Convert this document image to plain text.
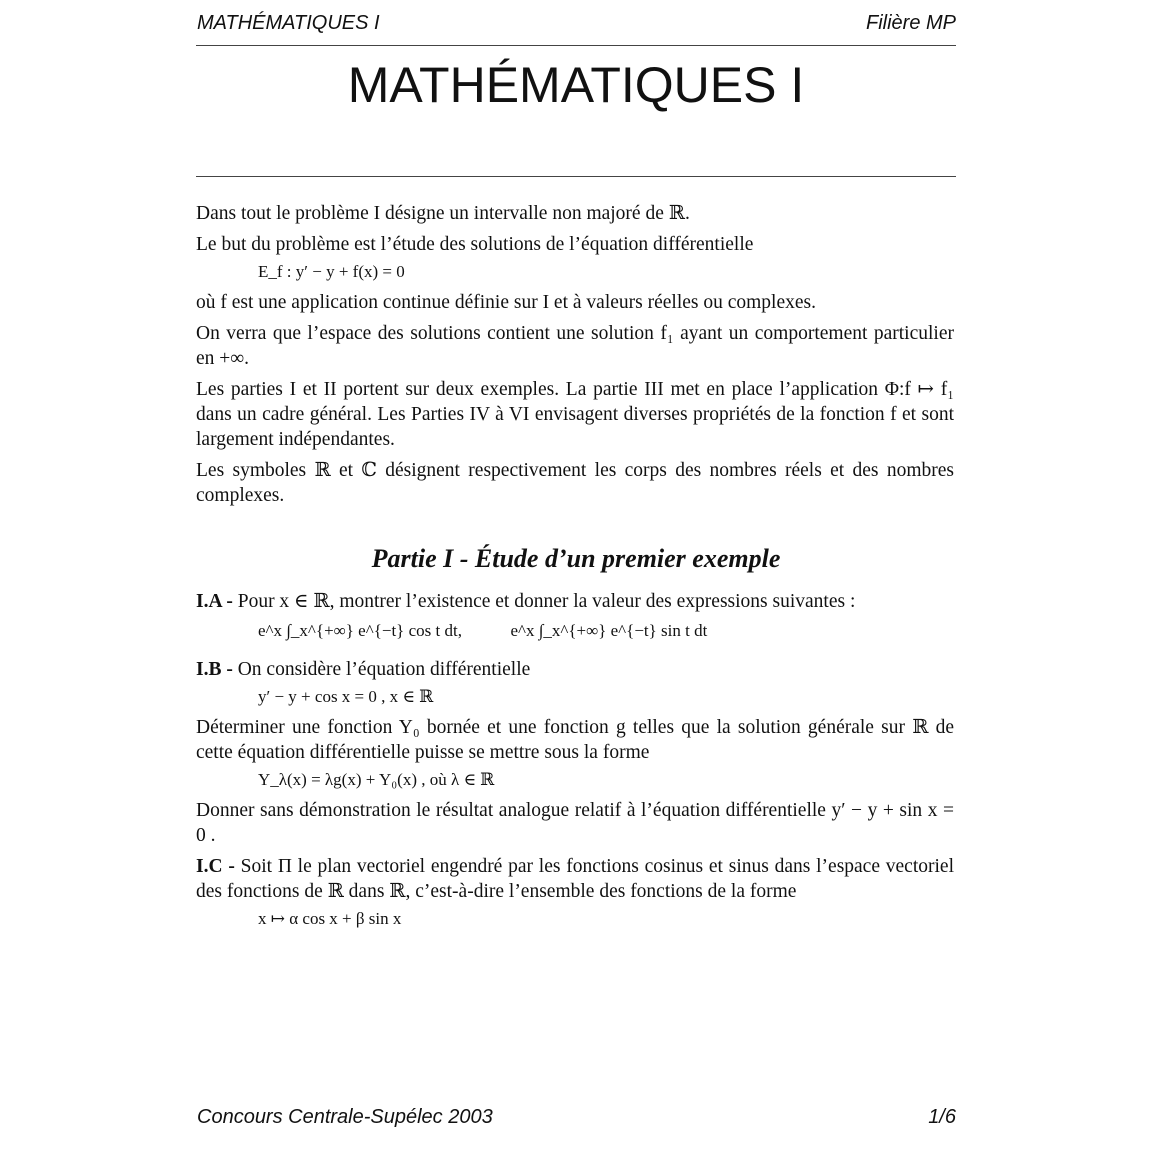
MATHÉMATIQUES I	Filière MP
MATHÉMATIQUES I

Dans tout le problème I désigne un intervalle non majoré de ℝ.

Le but du problème est l’étude des solutions de l’équation différentielle

E_f : y′ − y + f(x) = 0

où f est une application continue définie sur I et à valeurs réelles ou complexes.

On verra que l’espace des solutions contient une solution f₁ ayant un comportement particulier en +∞.

Les parties I et II portent sur deux exemples. La partie III met en place l’application Φ:f ↦ f₁ dans un cadre général. Les Parties IV à VI envisagent diverses propriétés de la fonction f et sont largement indépendantes.

Les symboles ℝ et ℂ désignent respectivement les corps des nombres réels et des nombres complexes.

Partie I - Étude d’un premier exemple

I.A - Pour x ∈ ℝ, montrer l’existence et donner la valeur des expressions suivantes :

e^x ∫_x^{+∞} e^{−t} cos t dt,	e^x ∫_x^{+∞} e^{−t} sin t dt

I.B - On considère l’équation différentielle

y′ − y + cos x = 0 , x ∈ ℝ

Déterminer une fonction Y₀ bornée et une fonction g telles que la solution générale sur ℝ de cette équation différentielle puisse se mettre sous la forme

Y_λ(x) = λg(x) + Y₀(x) , où λ ∈ ℝ

Donner sans démonstration le résultat analogue relatif à l’équation différentielle y′ − y + sin x = 0 .

I.C - Soit Π le plan vectoriel engendré par les fonctions cosinus et sinus dans l’espace vectoriel des fonctions de ℝ dans ℝ, c’est-à-dire l’ensemble des fonctions de la forme

x ↦ α cos x + β sin x
Concours Centrale-Supélec 2003	1/6
